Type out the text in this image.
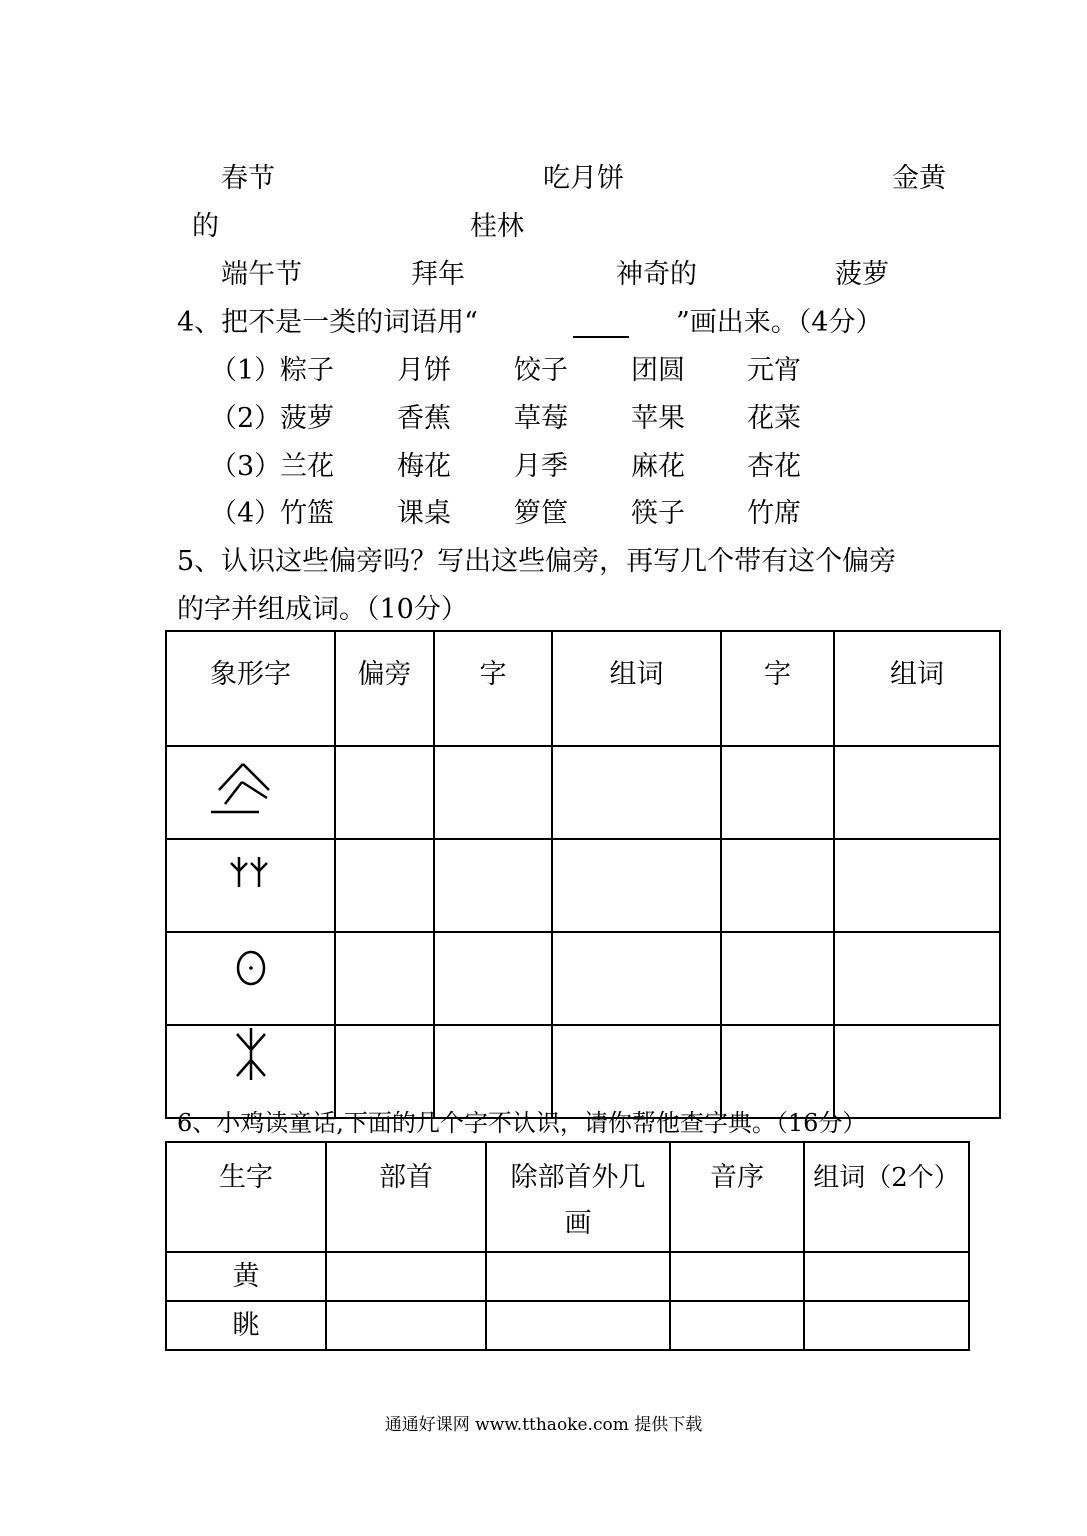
春节	吃月饼	金黄
的	桂林
端午节	拜年	神奇的	菠萝
4、把不是一类的词语用“	”画出来。（4分）
（1）
粽子 月饼 饺子 团圆 元宵
（2）
菠萝 香蕉 草莓 苹果 花菜
（3）
兰花 梅花 月季 麻花 杏花
（4）
竹篮 课桌 箩筐 筷子 竹席
5、认识这些偏旁吗？写出这些偏旁，再写几个带有这个偏旁
的字并组成词。（10分）
象形字	偏旁	字	组词	字	组词

6、小鸡读童话,下面的几个字不认识，请你帮他查字典。（16分）
生字	部首	除部首外几画	音序	组词（2个）
黄				
眺				
通通好课网 www.tthaoke.com 提供下载
